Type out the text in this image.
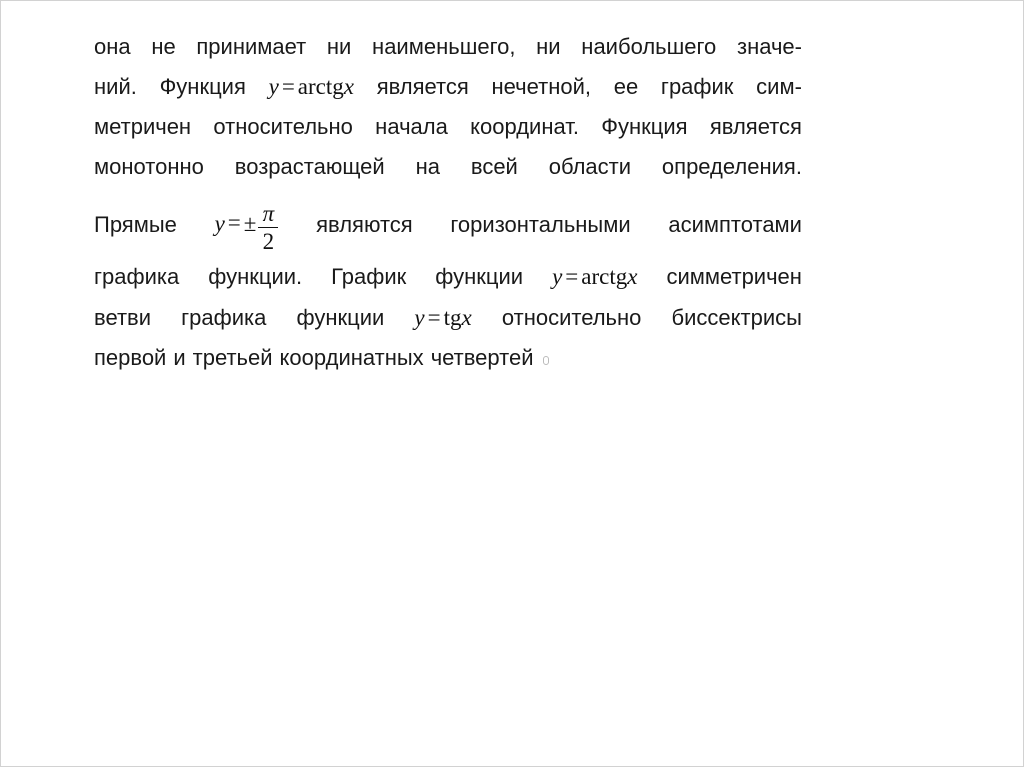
она не принимает ни наименьшего, ни наибольшего значе-
ний. Функция y = arctgx является нечетной, ее график сим-
метричен относительно начала координат. Функция является
монотонно возрастающей на всей области определения.
Прямые y = ± $\frac{\pi}{2}$ являются горизонтальными асимптотами
графика функции. График функции y = arctgx симметричен
ветви графика функции y = tgx относительно биссектрисы
первой и третьей координатных четвертей
